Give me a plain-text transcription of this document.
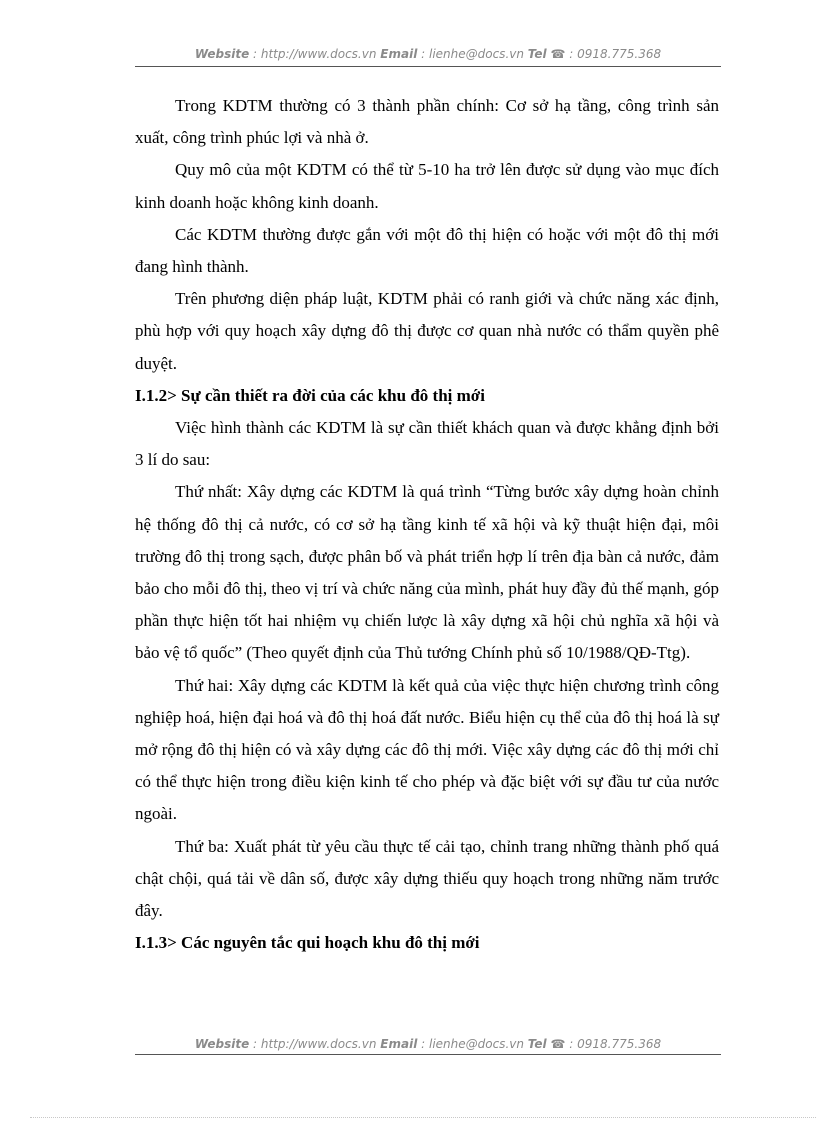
Website : http://www.docs.vn Email : lienhe@docs.vn Tel ☎ : 0918.775.368

Trong KDTM thường có 3 thành phần chính: Cơ sở hạ tầng, công trình sản xuất, công trình phúc lợi và nhà ở.

Quy mô của một KDTM có thể từ 5-10 ha trở lên được sử dụng vào mục đích kinh doanh hoặc không kinh doanh.

Các KDTM thường được gắn với một đô thị hiện có hoặc với một đô thị mới đang hình thành.

Trên phương diện pháp luật, KDTM phải có ranh giới và chức năng xác định, phù hợp với quy hoạch xây dựng đô thị được cơ quan nhà nước có thẩm quyền phê duyệt.

I.1.2> Sự cần thiết ra đời của các khu đô thị mới

Việc hình thành các KDTM là sự cần thiết khách quan và được khẳng định bởi 3 lí do sau:

Thứ nhất: Xây dựng các KDTM là quá trình “Từng bước xây dựng hoàn chỉnh hệ thống đô thị cả nước, có cơ sở hạ tầng kinh tế xã hội và kỹ thuật hiện đại, môi trường đô thị trong sạch, được phân bố và phát triển hợp lí trên địa bàn cả nước, đảm bảo cho mỗi đô thị, theo vị trí và chức năng của mình, phát huy đầy đủ thế mạnh, góp phần thực hiện tốt hai nhiệm vụ chiến lược là xây dựng xã hội chủ nghĩa xã hội và bảo vệ tổ quốc” (Theo quyết định của Thủ tướng Chính phủ số 10/1988/QĐ-Ttg).

Thứ hai: Xây dựng các KDTM là kết quả của việc thực hiện chương trình công nghiệp hoá, hiện đại hoá và đô thị hoá đất nước. Biểu hiện cụ thể của đô thị hoá là sự mở rộng đô thị hiện có và xây dựng các đô thị mới. Việc xây dựng các đô thị mới chỉ có thể thực hiện trong điều kiện kinh tế cho phép và đặc biệt với sự đầu tư của nước ngoài.

Thứ ba: Xuất phát từ yêu cầu thực tế cải tạo, chỉnh trang những thành phố quá chật chội, quá tải về dân số, được xây dựng thiếu quy hoạch trong những năm trước đây.

I.1.3> Các nguyên tắc qui hoạch khu đô thị mới

Website : http://www.docs.vn Email : lienhe@docs.vn Tel ☎ : 0918.775.368
